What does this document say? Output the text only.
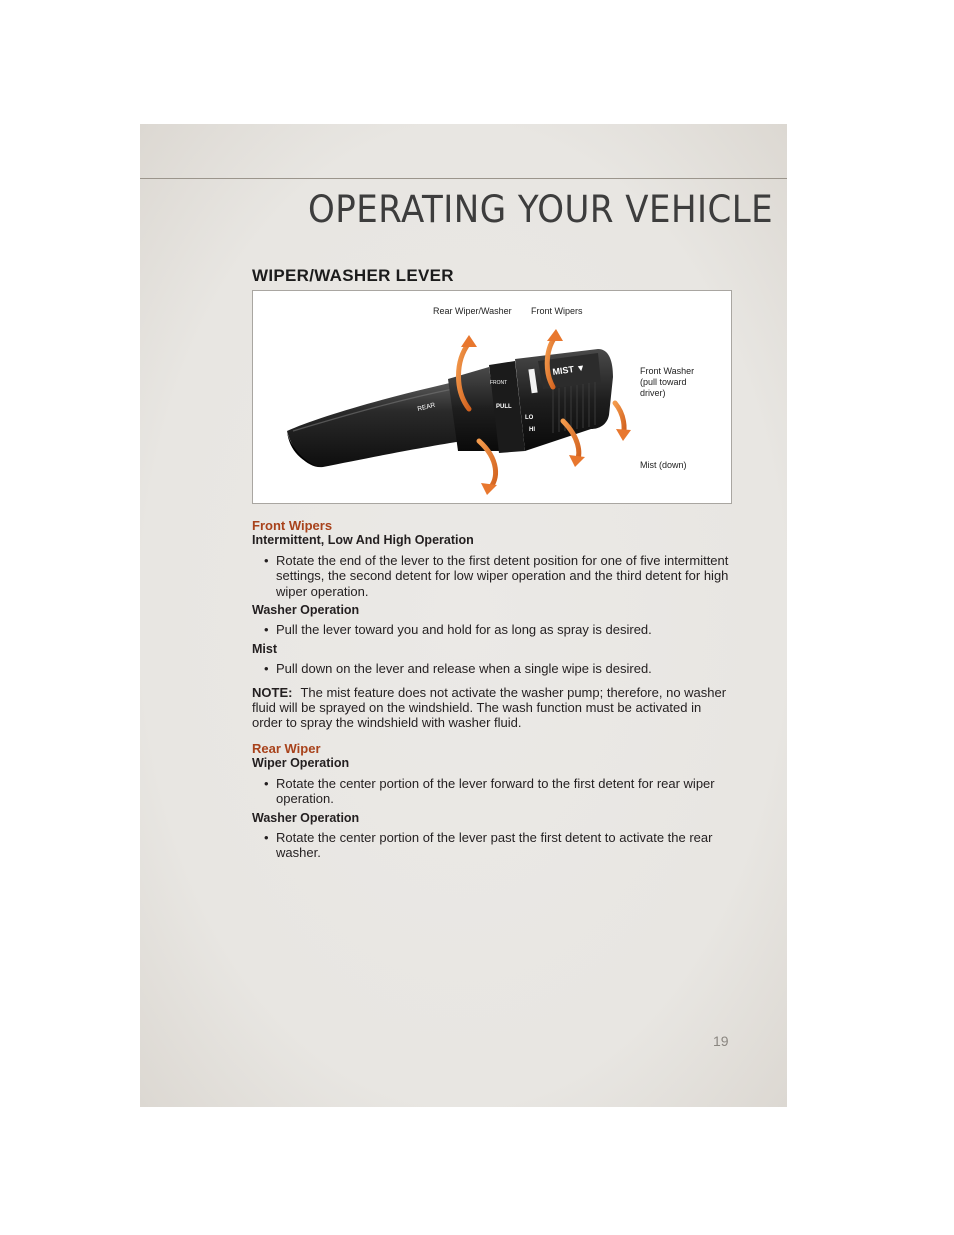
OPERATING YOUR VEHICLE
WIPER/WASHER LEVER
MIST ▼
FRONT
PULL
REAR
LO
HI
Rear Wiper/Washer Front Wipers
Front Washer
(pull toward
driver)
Mist (down)

Front Wipers

Intermittent, Low And High Operation

• Rotate the end of the lever to the first detent position for one of five intermittent settings, the second detent for low wiper operation and the third detent for high wiper operation.

Washer Operation

• Pull the lever toward you and hold for as long as spray is desired.

Mist

• Pull down on the lever and release when a single wipe is desired.

NOTE: The mist feature does not activate the washer pump; therefore, no washer fluid will be sprayed on the windshield. The wash function must be activated in order to spray the windshield with washer fluid.

Rear Wiper

Wiper Operation

• Rotate the center portion of the lever forward to the first detent for rear wiper operation.

Washer Operation

• Rotate the center portion of the lever past the first detent to activate the rear washer.
19
